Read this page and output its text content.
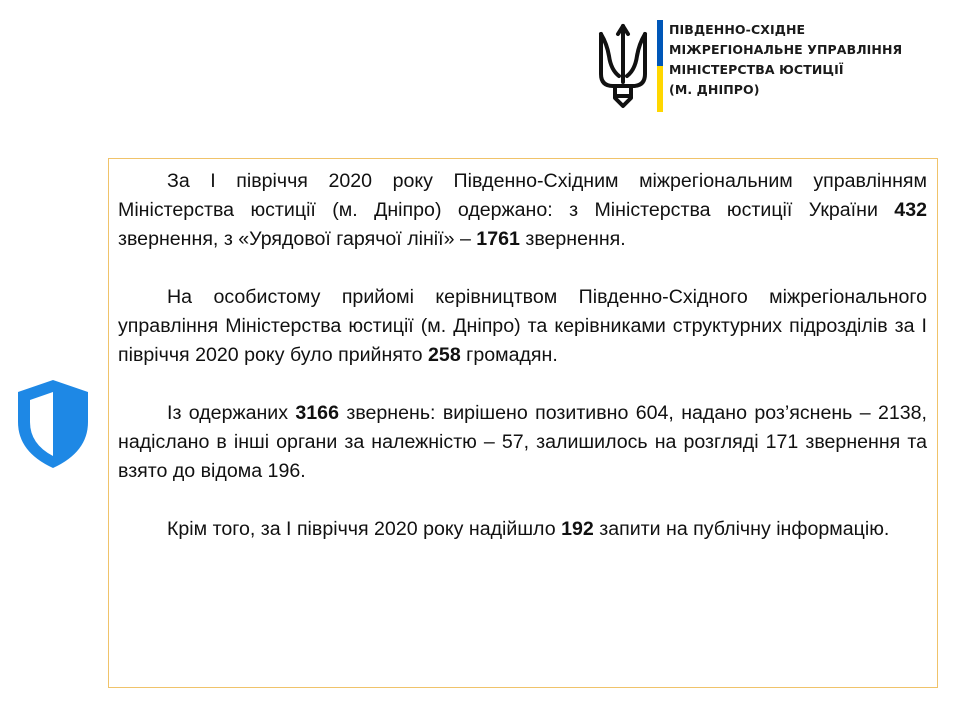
ПІВДЕННО-СХІДНЕ
МІЖРЕГІОНАЛЬНЕ УПРАВЛІННЯ
МІНІСТЕРСТВА ЮСТИЦІЇ
(М. ДНІПРО)

За І півріччя 2020 року Південно-Східним міжрегіональним управлінням Міністерства юстиції (м. Дніпро) одержано: з Міністерства юстиції України 432 звернення, з «Урядової гарячої лінії» – 1761 звернення.

На особистому прийомі керівництвом Південно-Східного міжрегіонального управління Міністерства юстиції (м. Дніпро) та керівниками структурних підрозділів за І півріччя 2020 року було прийнято 258 громадян.

Із одержаних 3166 звернень: вирішено позитивно 604, надано роз’яснень – 2138, надіслано в інші органи за належністю – 57, залишилось на розгляді 171 звернення та взято до відома 196.

Крім того, за І півріччя 2020 року надійшло 192 запити на публічну інформацію.
